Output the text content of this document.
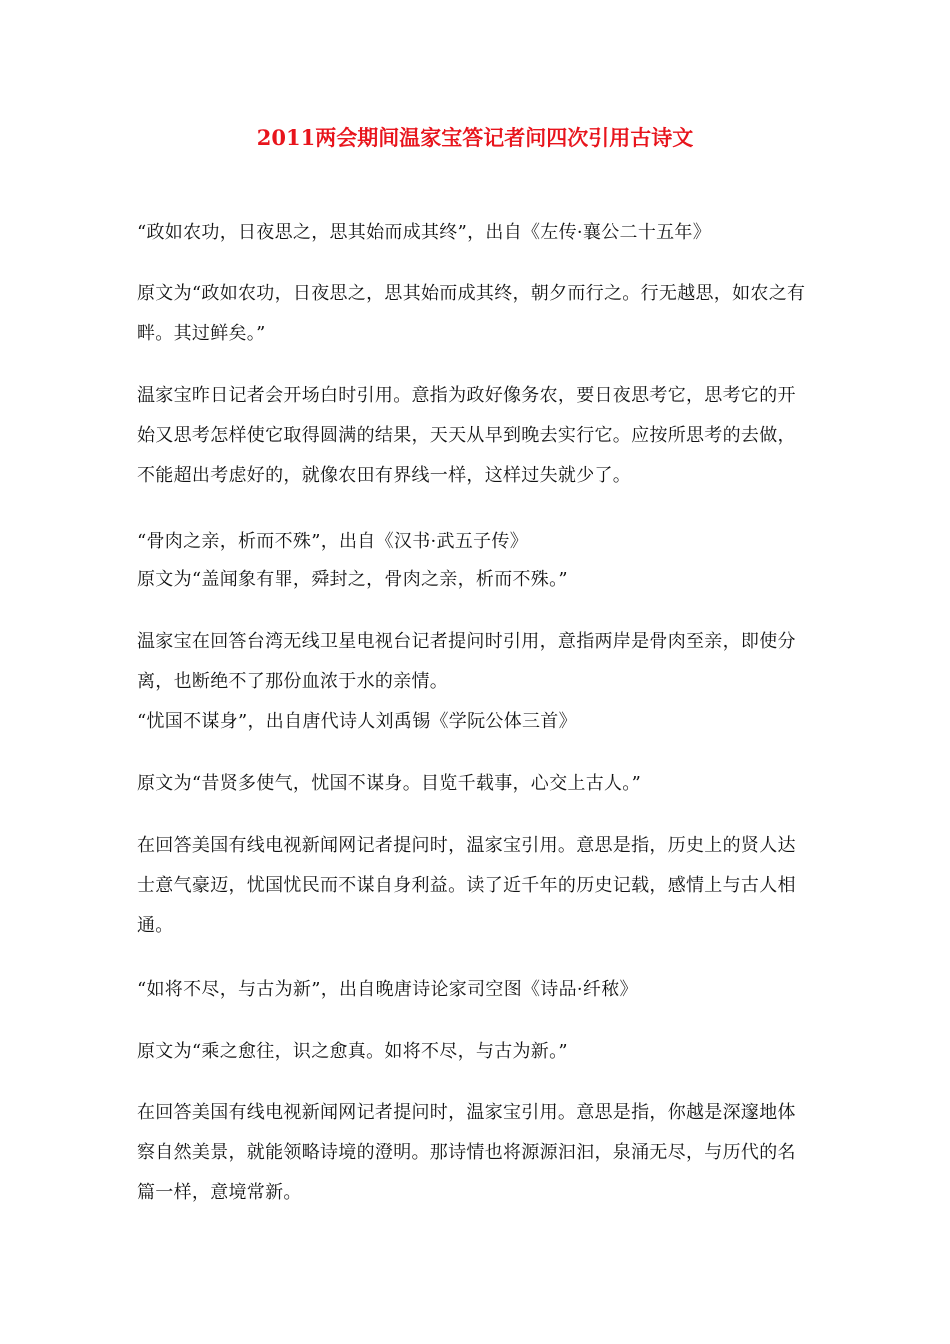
2011两会期间温家宝答记者问四次引用古诗文

“政如农功，日夜思之，思其始而成其终”，出自《左传·襄公二十五年》

原文为“政如农功，日夜思之，思其始而成其终，朝夕而行之。行无越思，如农之有畔。其过鲜矣。”

温家宝昨日记者会开场白时引用。意指为政好像务农，要日夜思考它，思考它的开始又思考怎样使它取得圆满的结果，天天从早到晚去实行它。应按所思考的去做，不能超出考虑好的，就像农田有界线一样，这样过失就少了。

“骨肉之亲，析而不殊”，出自《汉书·武五子传》

原文为“盖闻象有罪，舜封之，骨肉之亲，析而不殊。”

温家宝在回答台湾无线卫星电视台记者提问时引用，意指两岸是骨肉至亲，即使分离，也断绝不了那份血浓于水的亲情。

“忧国不谋身”，出自唐代诗人刘禹锡《学阮公体三首》

原文为“昔贤多使气，忧国不谋身。目览千载事，心交上古人。”

在回答美国有线电视新闻网记者提问时，温家宝引用。意思是指，历史上的贤人达士意气豪迈，忧国忧民而不谋自身利益。读了近千年的历史记载，感情上与古人相通。

“如将不尽，与古为新”，出自晚唐诗论家司空图《诗品·纤秾》

原文为“乘之愈往，识之愈真。如将不尽，与古为新。”

在回答美国有线电视新闻网记者提问时，温家宝引用。意思是指，你越是深邃地体察自然美景，就能领略诗境的澄明。那诗情也将源源汩汩，泉涌无尽，与历代的名篇一样，意境常新。
